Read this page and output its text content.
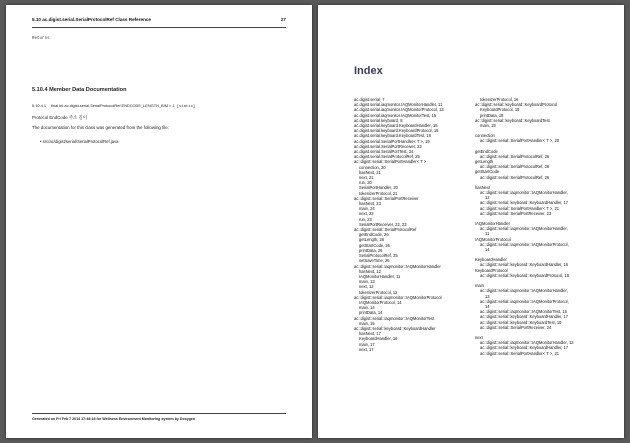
5.10 ac.digist.serial.SerialProtocolRef Class Reference	27
Returns
5.10.4 Member Data Documentation
5.10.4.1 final int ac.digist.serial.SerialProtocolRef.ENDCODE_LENGTH_BIM = 1 [static]
Protocol EndCode 주소 길이
The documentation for this class was generated from the following file:
• src/ac/digist/serial/SerialProtocolRef.java
Generated on Fri Feb 7 2014 17:48:18 for Wellness Environment Monitoring system by Doxygen
Index
ac.digist.serial, 7
ac.digist.serial.iaqmonitor.IAQMonitorHandler, 11
ac.digist.serial.iaqmonitor.IAQMonitorProtocol, 13
ac.digist.serial.iaqmonitor.IAQMonitorTest, 15
ac.digist.serial.keyboard, 8
ac.digist.serial.keyboard.KeyboardHandler, 15
ac.digist.serial.keyboard.KeyboardProtocol, 18
ac.digist.serial.keyboard.KeyboardTest, 19
ac.digist.serial.SerialPortHandler< T >, 19
ac.digist.serial.SerialPortReceiver, 22
ac.digist.serial.SerialPortTest, 24
ac.digist.serial.SerialProtocolRef, 25
ac::digist::serial::SerialPortHandler< T >
connection, 20
hasNext, 21
next, 21
run, 20
SerialPortHandler, 20
tokenizerProtocol, 21
ac::digist::serial::SerialPortReceiver
hasNext, 23
main, 24
next, 23
run, 23
SerialPortReceiver, 22, 23
ac::digist::serial::SerialProtocolRef
getEndCode, 26
getLength, 26
getStartCode, 26
printData, 26
SerialProtocolRef, 25
setSaveTime, 26
ac::digist::serial::iaqmonitor::IAQMonitorHandler
hasNext, 12
IAQMonitorHandler, 11
main, 13
next, 12
tokenizerProtocol, 12
ac::digist::serial::iaqmonitor::IAQMonitorProtocol
IAQMonitorProtocol, 14
main, 14
printData, 14
ac::digist::serial::iaqmonitor::IAQMonitorTest
main, 15
ac::digist::serial::keyboard::KeyboardHandler
hasNext, 17
KeyboardHandler, 16
main, 17
next, 17
tokenizerProtocol, 16
ac::digist::serial::keyboard::KeyboardProtocol
KeyboardProtocol, 18
printData, 18
ac::digist::serial::keyboard::KeyboardTest
main, 19
connection
ac::digist::serial::SerialPortHandler< T >, 20
getEndCode
ac::digist::serial::SerialProtocolRef, 26
getLength
ac::digist::serial::SerialProtocolRef, 26
getStartCode
ac::digist::serial::SerialProtocolRef, 26
hasNext
ac::digist::serial::iaqmonitor::IAQMonitorHandler,
12
ac::digist::serial::keyboard::KeyboardHandler, 17
ac::digist::serial::SerialPortHandler< T >, 21
ac::digist::serial::SerialPortReceiver, 23
IAQMonitorHandler
ac::digist::serial::iaqmonitor::IAQMonitorHandler,
11
IAQMonitorProtocol
ac::digist::serial::iaqmonitor::IAQMonitorProtocol,
14
KeyboardHandler
ac::digist::serial::keyboard::KeyboardHandler, 16
KeyboardProtocol
ac::digist::serial::keyboard::KeyboardProtocol, 18
main
ac::digist::serial::iaqmonitor::IAQMonitorHandler,
13
ac::digist::serial::iaqmonitor::IAQMonitorProtocol,
14
ac::digist::serial::iaqmonitor::IAQMonitorTest, 15
ac::digist::serial::keyboard::KeyboardHandler, 17
ac::digist::serial::keyboard::KeyboardTest, 19
ac::digist::serial::SerialPortReceiver, 24
next
ac::digist::serial::iaqmonitor::IAQMonitorHandler, 12
ac::digist::serial::keyboard::KeyboardHandler, 17
ac::digist::serial::SerialPortHandler< T >, 21
